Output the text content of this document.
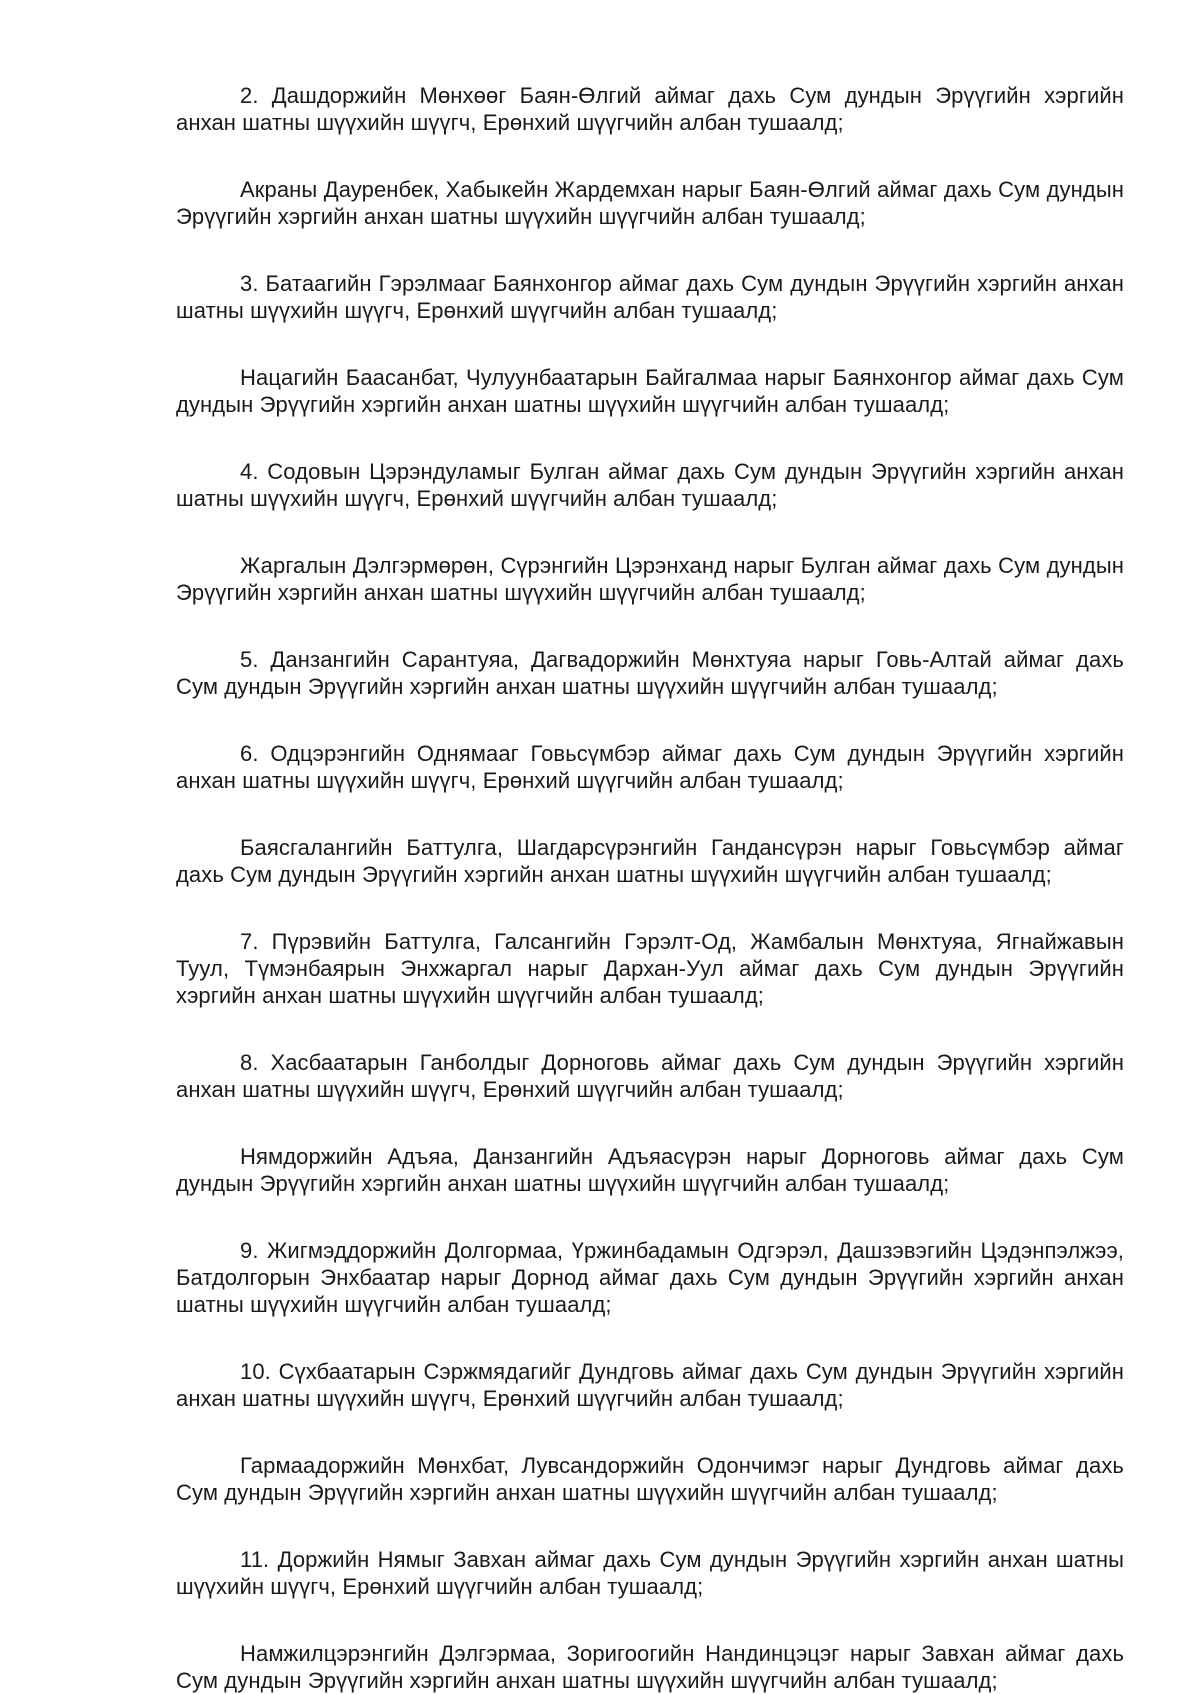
2. Дашдоржийн Мөнхөөг Баян-Өлгий аймаг дахь Сум дундын Эрүүгийн хэргийн анхан шатны шүүхийн шүүгч, Ерөнхий шүүгчийн албан тушаалд;

Акраны Дауренбек, Хабыкейн Жардемхан нарыг Баян-Өлгий аймаг дахь Сум дундын Эрүүгийн хэргийн анхан шатны шүүхийн шүүгчийн албан тушаалд;

3. Батаагийн Гэрэлмааг Баянхонгор аймаг дахь Сум дундын Эрүүгийн хэргийн анхан шатны шүүхийн шүүгч, Ерөнхий шүүгчийн албан тушаалд;

Нацагийн Баасанбат, Чулуунбаатарын Байгалмаа нарыг Баянхонгор аймаг дахь Сум дундын Эрүүгийн хэргийн анхан шатны шүүхийн шүүгчийн албан тушаалд;

4. Содовын Цэрэндуламыг Булган аймаг дахь Сум дундын Эрүүгийн хэргийн анхан шатны шүүхийн шүүгч, Ерөнхий шүүгчийн албан тушаалд;

Жаргалын Дэлгэрмөрөн, Сүрэнгийн Цэрэнханд нарыг Булган аймаг дахь Сум дундын Эрүүгийн хэргийн анхан шатны шүүхийн шүүгчийн албан тушаалд;

5. Данзангийн Сарантуяа, Дагвадоржийн Мөнхтуяа нарыг Говь-Алтай аймаг дахь Сум дундын Эрүүгийн хэргийн анхан шатны шүүхийн шүүгчийн албан тушаалд;

6. Одцэрэнгийн Однямааг Говьсүмбэр аймаг дахь Сум дундын Эрүүгийн хэргийн анхан шатны шүүхийн шүүгч, Ерөнхий шүүгчийн албан тушаалд;

Баясгалангийн Баттулга, Шагдарсүрэнгийн Гандансүрэн нарыг Говьсүмбэр аймаг дахь Сум дундын Эрүүгийн хэргийн анхан шатны шүүхийн шүүгчийн албан тушаалд;

7. Пүрэвийн Баттулга, Галсангийн Гэрэлт-Од, Жамбалын Мөнхтуяа, Ягнайжавын Туул, Түмэнбаярын Энхжаргал нарыг Дархан-Уул аймаг дахь Сум дундын Эрүүгийн хэргийн анхан шатны шүүхийн шүүгчийн албан тушаалд;

8. Хасбаатарын Ганболдыг Дорноговь аймаг дахь Сум дундын Эрүүгийн хэргийн анхан шатны шүүхийн шүүгч, Ерөнхий шүүгчийн албан тушаалд;

Нямдоржийн Адъяа, Данзангийн Адъяасүрэн нарыг Дорноговь аймаг дахь Сум дундын Эрүүгийн хэргийн анхан шатны шүүхийн шүүгчийн албан тушаалд;

9. Жигмэддоржийн Долгормаа, Үржинбадамын Одгэрэл, Дашзэвэгийн Цэдэнпэлжээ, Батдолгорын Энхбаатар нарыг Дорнод аймаг дахь Сум дундын Эрүүгийн хэргийн анхан шатны шүүхийн шүүгчийн албан тушаалд;

10. Сүхбаатарын Сэржмядагийг Дундговь аймаг дахь Сум дундын Эрүүгийн хэргийн анхан шатны шүүхийн шүүгч, Ерөнхий шүүгчийн албан тушаалд;

Гармаадоржийн Мөнхбат, Лувсандоржийн Одончимэг нарыг Дундговь аймаг дахь Сум дундын Эрүүгийн хэргийн анхан шатны шүүхийн шүүгчийн албан тушаалд;

11. Доржийн Нямыг Завхан аймаг дахь Сум дундын Эрүүгийн хэргийн анхан шатны шүүхийн шүүгч, Ерөнхий шүүгчийн албан тушаалд;

Намжилцэрэнгийн Дэлгэрмаа, Зоригоогийн Нандинцэцэг нарыг Завхан аймаг дахь Сум дундын Эрүүгийн хэргийн анхан шатны шүүхийн шүүгчийн албан тушаалд;
